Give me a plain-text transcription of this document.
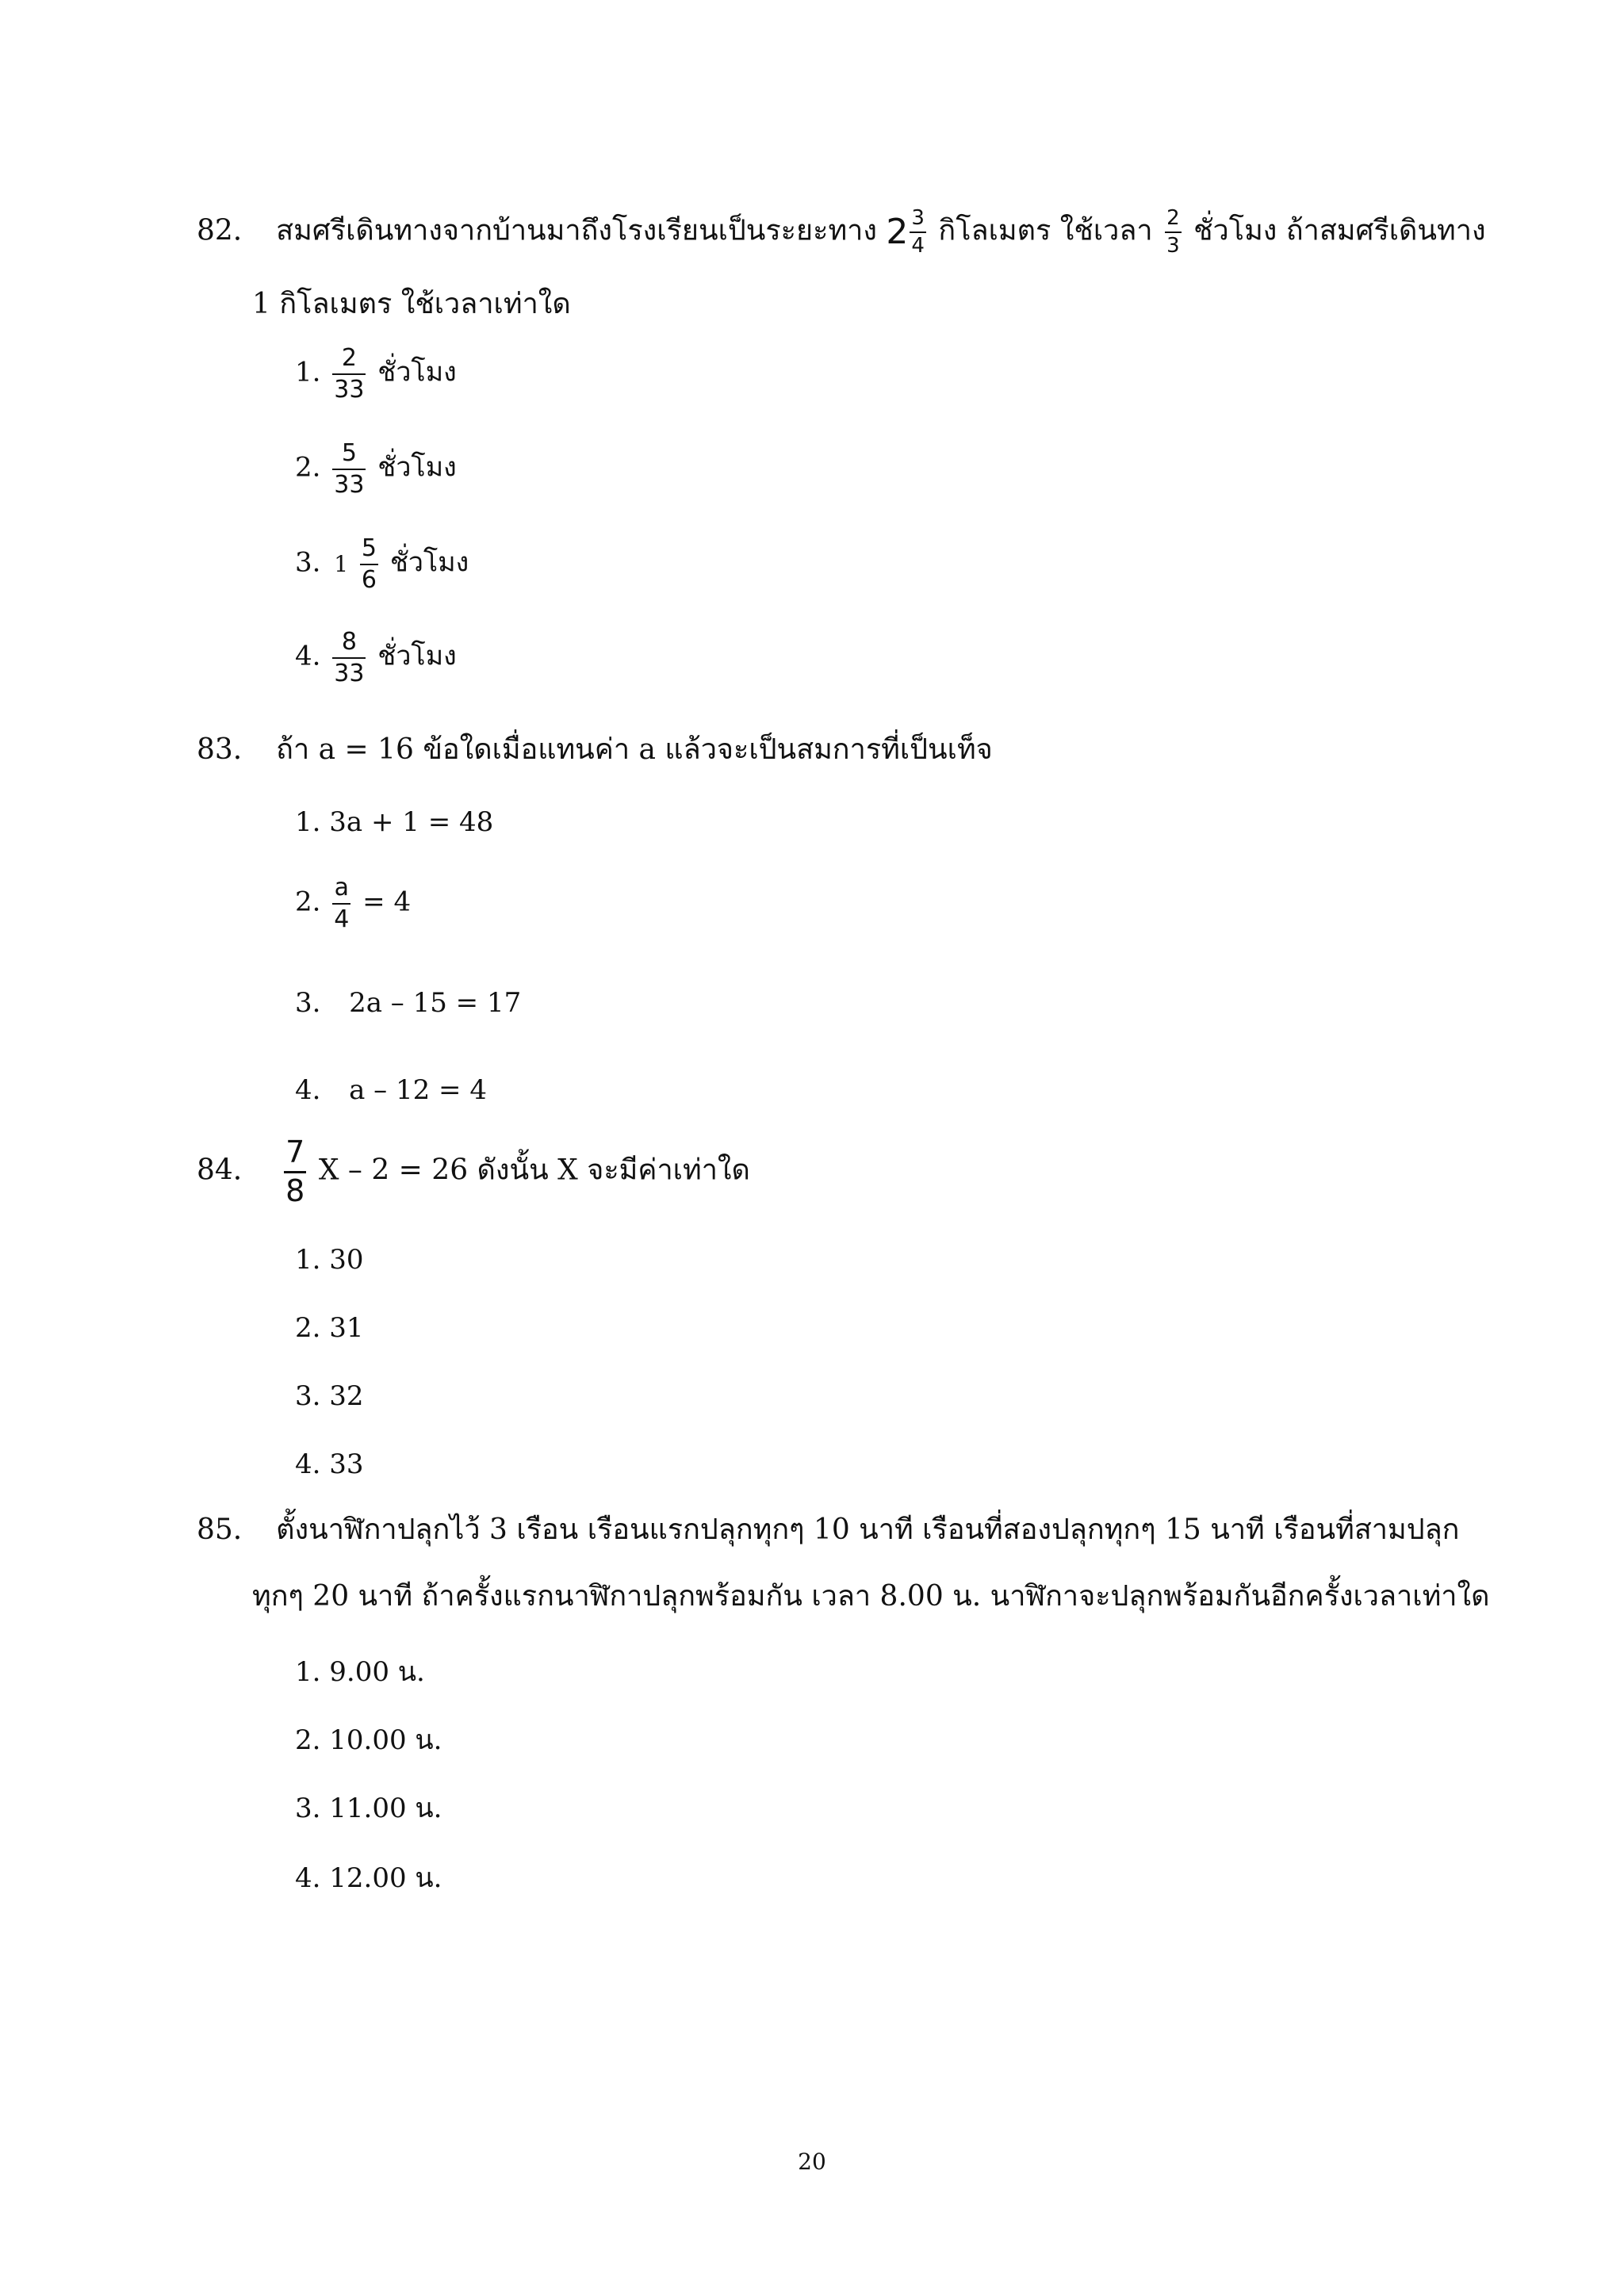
82. สมศรีเดินทางจากบ้านมาถึงโรงเรียนเป็นระยะทาง $2 \frac{3}{4}$ กิโลเมตร ใช้เวลา $\frac{2}{3}$ ชั่วโมง ถ้าสมศรีเดินทาง
1 กิโลเมตร ใช้เวลาเท่าใด
1. $\frac{2}{33}$ ชั่วโมง
2. $\frac{5}{33}$ ชั่วโมง
3. $1 \frac{5}{6}$ ชั่วโมง
4. $\frac{8}{33}$ ชั่วโมง
83. ถ้า a = 16 ข้อใดเมื่อแทนค่า a แล้วจะเป็นสมการที่เป็นเท็จ
1. 3a + 1 = 48
2. $\frac{a}{4} = 4$
3. 2a – 15 = 17
4. a – 12 = 4
84. $\frac{7}{8}$ X – 2 = 26 ดังนั้น X จะมีค่าเท่าใด
1. 30
2. 31
3. 32
4. 33
85. ตั้งนาฬิกาปลุกไว้ 3 เรือน เรือนแรกปลุกทุกๆ 10 นาที เรือนที่สองปลุกทุกๆ 15 นาที เรือนที่สามปลุก
ทุกๆ 20 นาที ถ้าครั้งแรกนาฬิกาปลุกพร้อมกัน เวลา 8.00 น. นาฬิกาจะปลุกพร้อมกันอีกครั้งเวลาเท่าใด
1. 9.00 น.
2. 10.00 น.
3. 11.00 น.
4. 12.00 น.
20
